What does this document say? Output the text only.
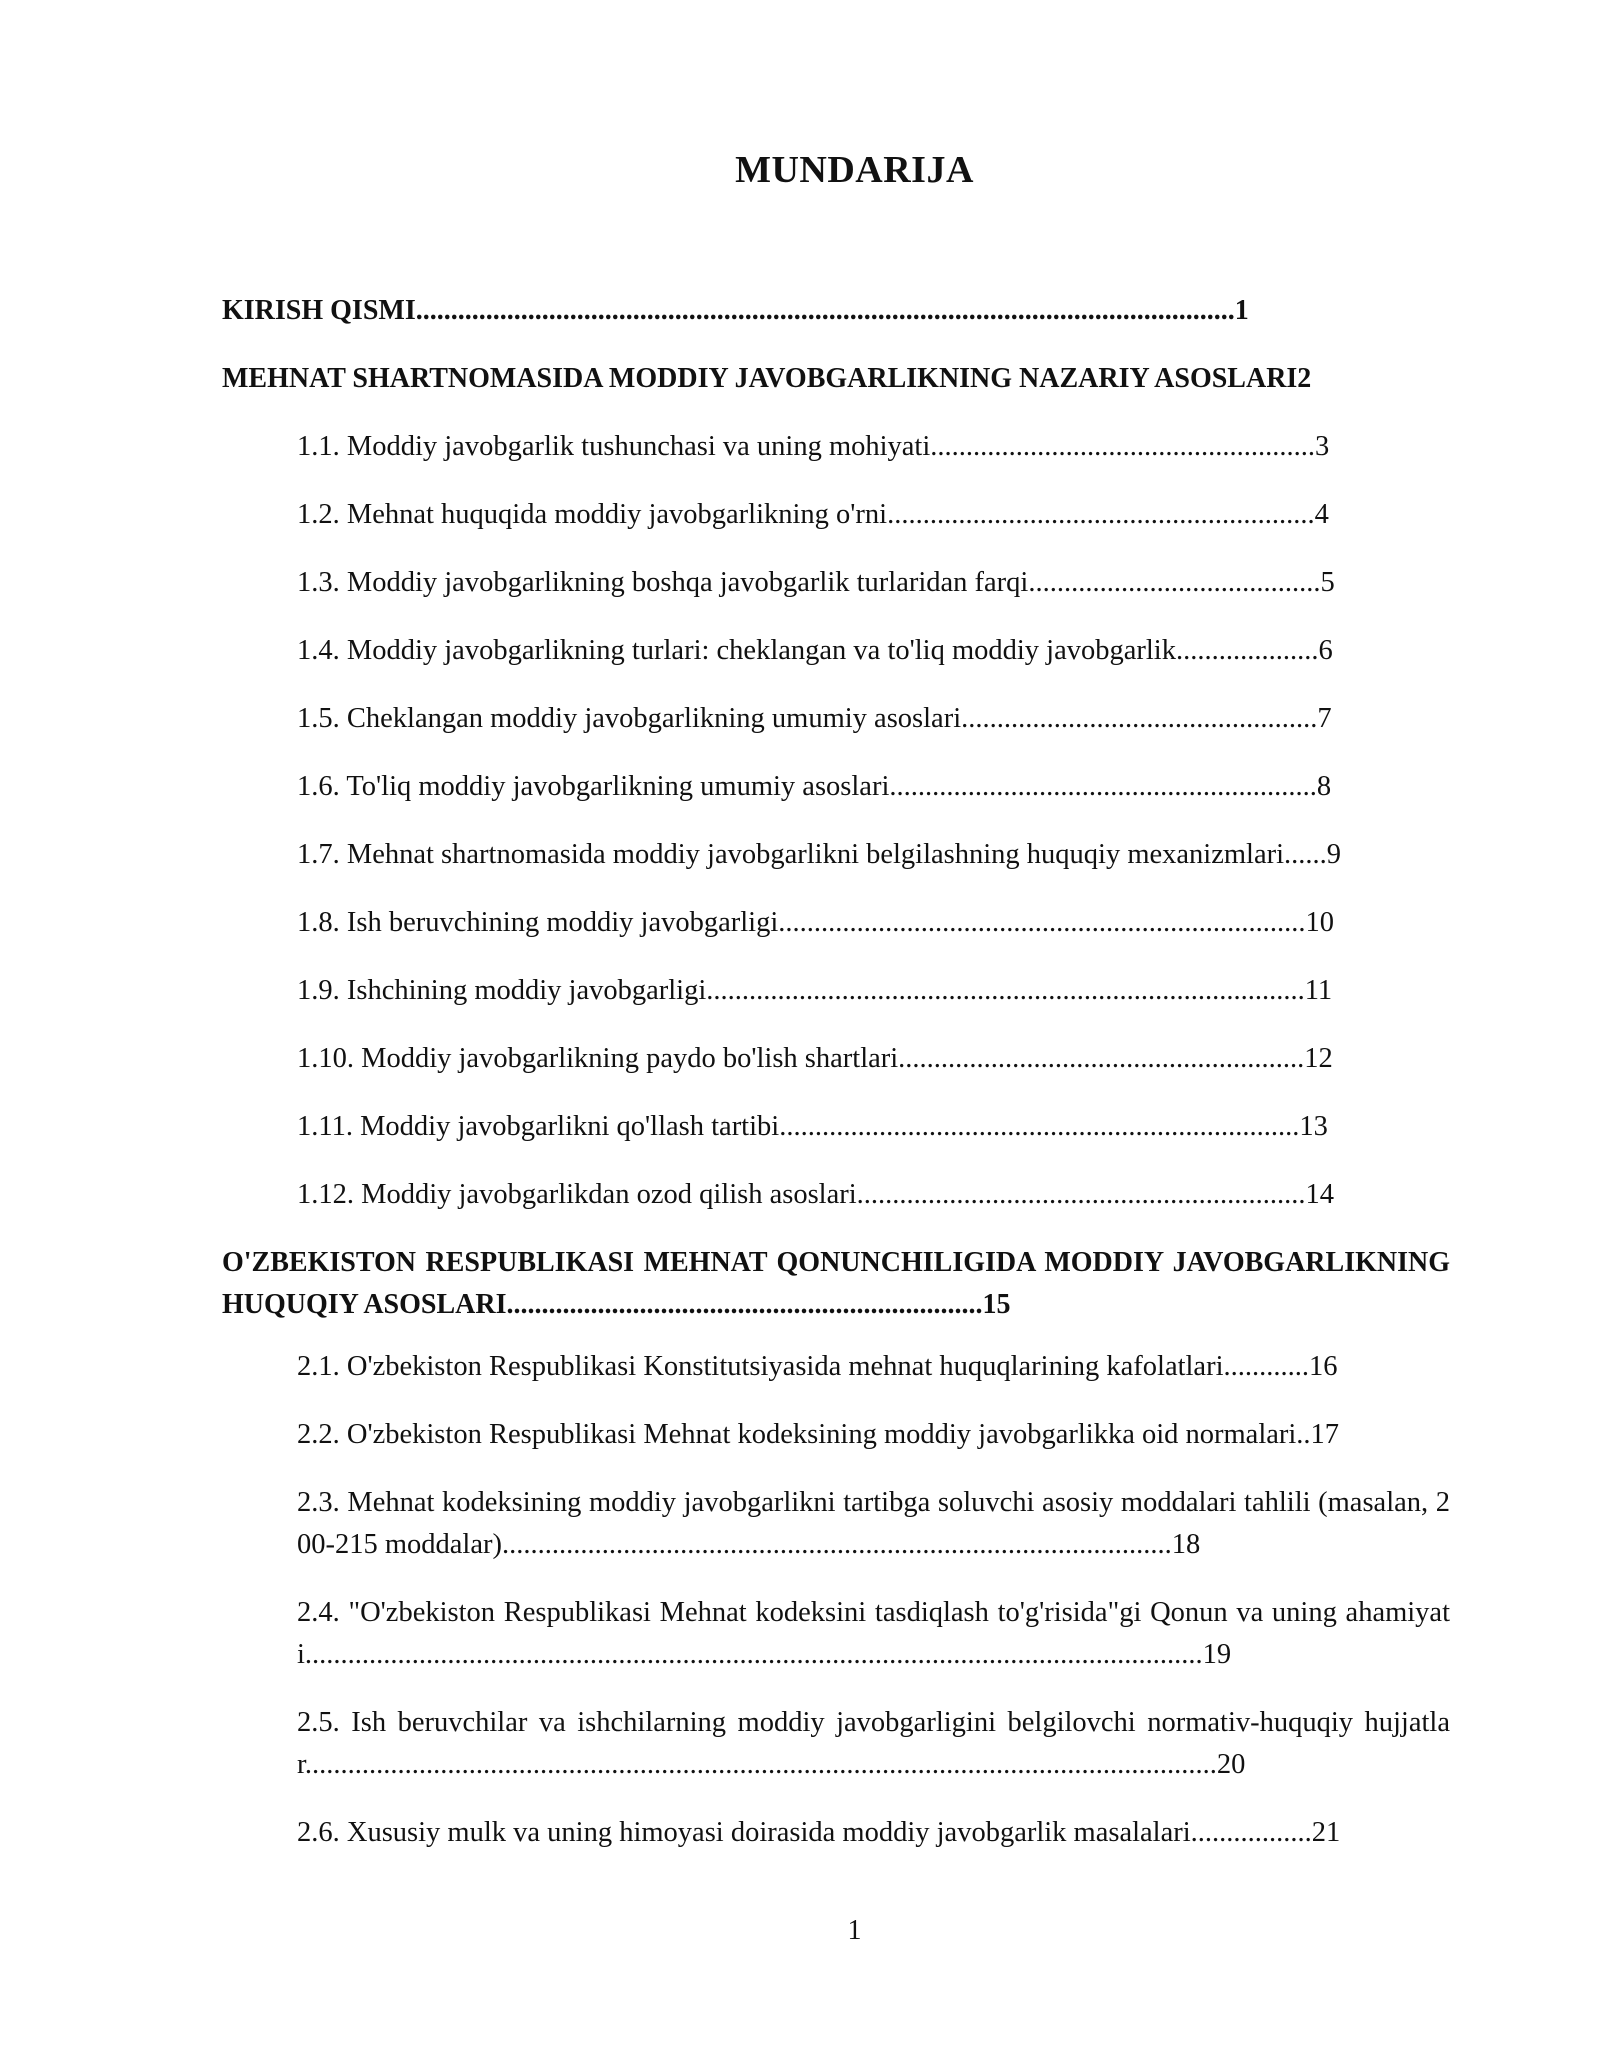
MUNDARIJA

KIRISH QISMI.....................................................................................................................1

MEHNAT SHARTNOMASIDA MODDIY JAVOBGARLIKNING NAZARIY ASOSLARI2

1.1. Moddiy javobgarlik tushunchasi va uning mohiyati......................................................3

1.2. Mehnat huquqida moddiy javobgarlikning o'rni............................................................4

1.3. Moddiy javobgarlikning boshqa javobgarlik turlaridan farqi.........................................5

1.4. Moddiy javobgarlikning turlari: cheklangan va to'liq moddiy javobgarlik....................6

1.5. Cheklangan moddiy javobgarlikning umumiy asoslari..................................................7

1.6. To'liq moddiy javobgarlikning umumiy asoslari............................................................8

1.7. Mehnat shartnomasida moddiy javobgarlikni belgilashning huquqiy mexanizmlari......9

1.8. Ish beruvchining moddiy javobgarligi..........................................................................10

1.9. Ishchining moddiy javobgarligi....................................................................................11

1.10. Moddiy javobgarlikning paydo bo'lish shartlari.........................................................12

1.11. Moddiy javobgarlikni qo'llash tartibi.........................................................................13

1.12. Moddiy javobgarlikdan ozod qilish asoslari...............................................................14

O'ZBEKISTON RESPUBLIKASI MEHNAT QONUNCHILIGIDA MODDIY JAVOBGARLIKNING HUQUQIY ASOSLARI....................................................................15

2.1. O'zbekiston Respublikasi Konstitutsiyasida mehnat huquqlarining kafolatlari............16

2.2. O'zbekiston Respublikasi Mehnat kodeksining moddiy javobgarlikka oid normalari..17

2.3. Mehnat kodeksining moddiy javobgarlikni tartibga soluvchi asosiy moddalari tahlili (masalan, 200-215 moddalar)..............................................................................................18

2.4. "O'zbekiston Respublikasi Mehnat kodeksini tasdiqlash to'g'risida"gi Qonun va uning ahamiyati..............................................................................................................................19

2.5. Ish beruvchilar va ishchilarning moddiy javobgarligini belgilovchi normativ-huquqiy hujjatlar................................................................................................................................20

2.6. Xususiy mulk va uning himoyasi doirasida moddiy javobgarlik masalalari.................21

1
